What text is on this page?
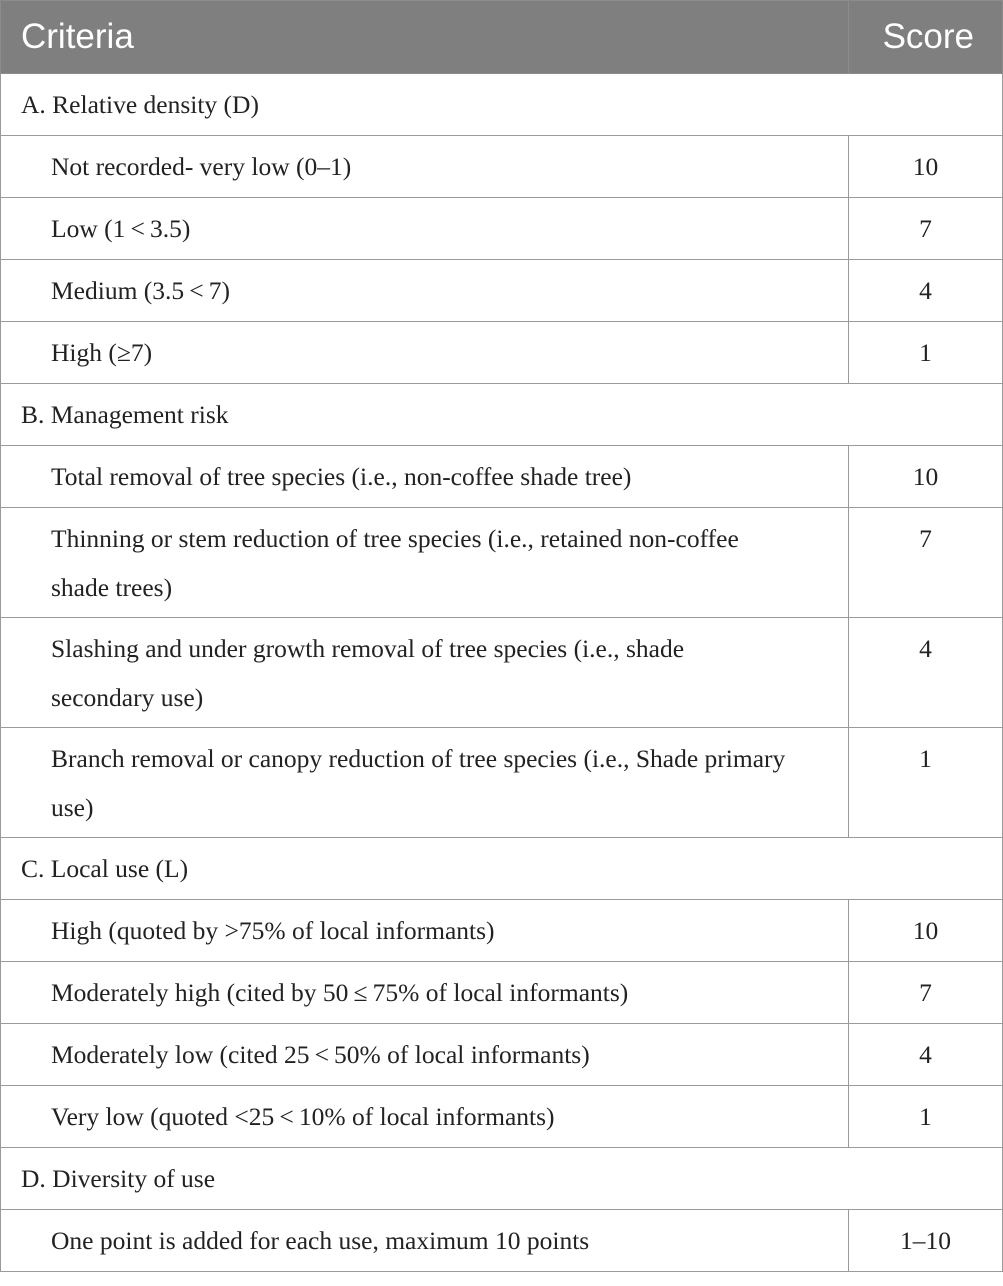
Criteria	Score
A. Relative density (D)	
Not recorded- very low (0–1)	10
Low (1 < 3.5)	7
Medium (3.5 < 7)	4
High (≥7)	1
B. Management risk	
Total removal of tree species (i.e., non-coffee shade tree)	10
Thinning or stem reduction of tree species (i.e., retained non-coffee shade trees)	7
Slashing and under growth removal of tree species (i.e., shade secondary use)	4
Branch removal or canopy reduction of tree species (i.e., Shade primary use)	1
C. Local use (L)	
High (quoted by >75% of local informants)	10
Moderately high (cited by 50 ≤ 75% of local informants)	7
Moderately low (cited 25 < 50% of local informants)	4
Very low (quoted <25 < 10% of local informants)	1
D. Diversity of use	
One point is added for each use, maximum 10 points	1–10
